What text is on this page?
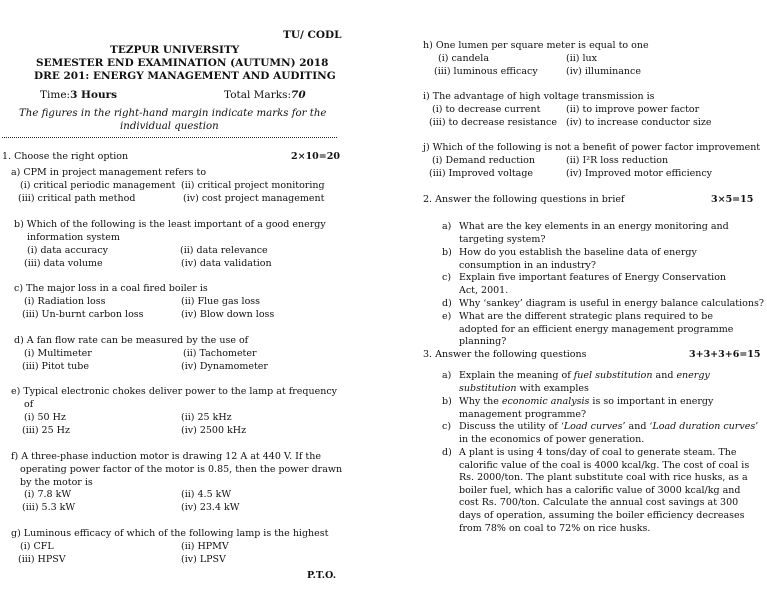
TU/ CODL
TEZPUR UNIVERSITY
SEMESTER END EXAMINATION (AUTUMN) 2018
DRE 201: ENERGY MANAGEMENT AND AUDITING
Time:3 Hours	Total Marks:70
The figures in the right-hand margin indicate marks for the
individual question
1. Choose the right option	2×10=20
a) CPM in project management refers to
(i) critical periodic management (ii) critical project monitoring
(iii) critical path method	(iv) cost project management
b) Which of the following is the least important of a good energy
information system
(i) data accuracy	(ii) data relevance
(iii) data volume	(iv) data validation
c) The major loss in a coal fired boiler is
(i) Radiation loss	(ii) Flue gas loss
(iii) Un-burnt carbon loss	(iv) Blow down loss
d) A fan flow rate can be measured by the use of
(i) Multimeter	(ii) Tachometer
(iii) Pitot tube	(iv) Dynamometer
e) Typical electronic chokes deliver power to the lamp at frequency
of
(i) 50 Hz	(ii) 25 kHz
(iii) 25 Hz	(iv) 2500 kHz
f) A three-phase induction motor is drawing 12 A at 440 V. If the
operating power factor of the motor is 0.85, then the power drawn
by the motor is
(i) 7.8 kW	(ii) 4.5 kW
(iii) 5.3 kW	(iv) 23.4 kW
g) Luminous efficacy of which of the following lamp is the highest
(i) CFL	(ii) HPMV
(iii) HPSV	(iv) LPSV
P.T.O.
h) One lumen per square meter is equal to one
(i) candela	(ii) lux
(iii) luminous efficacy	(iv) illuminance
i) The advantage of high voltage transmission is
(i) to decrease current	(ii) to improve power factor
(iii) to decrease resistance (iv) to increase conductor size
j) Which of the following is not a benefit of power factor improvement
(i) Demand reduction	(ii) I²R loss reduction
(iii) Improved voltage	(iv) Improved motor efficiency
2. Answer the following questions in brief	3×5=15
a) What are the key elements in an energy monitoring and targeting system?
b) How do you establish the baseline data of energy consumption in an industry?
c) Explain five important features of Energy Conservation Act, 2001.
d) Why ‘sankey’ diagram is useful in energy balance calculations?
e) What are the different strategic plans required to be adopted for an efficient energy management programme planning?
3. Answer the following questions	3+3+3+6=15
a) Explain the meaning of fuel substitution and energy substitution with examples
b) Why the economic analysis is so important in energy management programme?
c) Discuss the utility of ‘Load curves’ and ‘Load duration curves’ in the economics of power generation.
d) A plant is using 4 tons/day of coal to generate steam. The calorific value of the coal is 4000 kcal/kg. The cost of coal is Rs. 2000/ton. The plant substitute coal with rice husks, as a boiler fuel, which has a calorific value of 3000 kcal/kg and cost Rs. 700/ton. Calculate the annual cost savings at 300 days of operation, assuming the boiler efficiency decreases from 78% on coal to 72% on rice husks.
